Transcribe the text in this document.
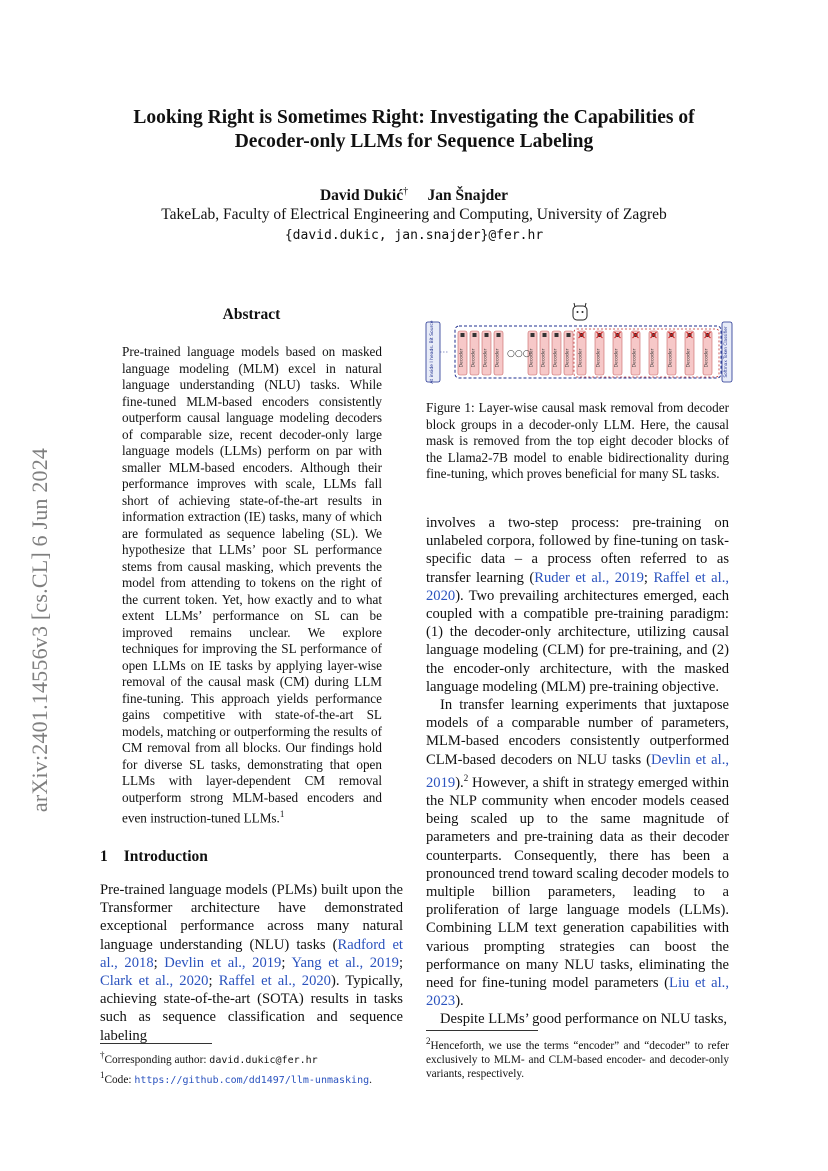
Looking Right is Sometimes Right: Investigating the Capabilities of
Decoder-only LLMs for Sequence Labeling
David Dukić† Jan Šnajder
TakeLab, Faculty of Electrical Engineering and Computing, University of Zagreb
{david.dukic, jan.snajder}@fer.hr
arXiv:2401.14556v3 [cs.CL] 6 Jun 2024
Abstract
Pre-trained language models based on masked language modeling (MLM) excel in natural language understanding (NLU) tasks. While fine-tuned MLM-based encoders consistently outperform causal language modeling decoders of comparable size, recent decoder-only large language models (LLMs) perform on par with smaller MLM-based encoders. Although their performance improves with scale, LLMs fall short of achieving state-of-the-art results in information extraction (IE) tasks, many of which are formulated as sequence labeling (SL). We hypothesize that LLMs’ poor SL performance stems from causal masking, which prevents the model from attending to tokens on the right of the current token. Yet, how exactly and to what extent LLMs’ performance on SL can be improved remains unclear. We explore techniques for improving the SL performance of open LLMs on IE tasks by applying layer-wise removal of the causal mask (CM) during LLM fine-tuning. This approach yields performance gains competitive with state-of-the-art SL models, matching or outperforming the results of CM removal from all blocks. Our findings hold for diverse SL tasks, demonstrating that open LLMs with layer-dependent CM removal outperform strong MLM-based encoders and even instruction-tuned LLMs.$^1$
1 Introduction
Pre-trained language models (PLMs) built upon the Transformer architecture have demonstrated exceptional performance across many natural language understanding (NLU) tasks (Radford et al., 2018; Devlin et al., 2019; Yang et al., 2019; Clark et al., 2020; Raffel et al., 2020). Typically, achieving state-of-the-art (SOTA) results in tasks such as sequence classification and sequence labeling
†Corresponding author: david.dukic@fer.hr
$^1$Code: https://github.com/dd1497/llm-unmasking.
At inside I heads. Bit Source	Decoder Decoder Decoder Decoder	Decoder Decoder Decoder Decoder Decoder	Decoder	Decoder	Decoder	Decoder	Decoder	Decoder	Decoder
○○○	Softmax Token Classifier
Figure 1: Layer-wise causal mask removal from decoder block groups in a decoder-only LLM. Here, the causal mask is removed from the top eight decoder blocks of the Llama2-7B model to enable bidirectionality during fine-tuning, which proves beneficial for many SL tasks.

involves a two-step process: pre-training on unlabeled corpora, followed by fine-tuning on task-specific data – a process often referred to as transfer learning (Ruder et al., 2019; Raffel et al., 2020). Two prevailing architectures emerged, each coupled with a compatible pre-training paradigm: (1) the decoder-only architecture, utilizing causal language modeling (CLM) for pre-training, and (2) the encoder-only architecture, with the masked language modeling (MLM) pre-training objective.

In transfer learning experiments that juxtapose models of a comparable number of parameters, MLM-based encoders consistently outperformed CLM-based decoders on NLU tasks (Devlin et al., 2019).$^2$ However, a shift in strategy emerged within the NLP community when encoder models ceased being scaled up to the same magnitude of parameters and pre-training data as their decoder counterparts. Consequently, there has been a pronounced trend toward scaling decoder models to multiple billion parameters, leading to a proliferation of large language models (LLMs). Combining LLM text generation capabilities with various prompting strategies can boost the performance on many NLU tasks, eliminating the need for fine-tuning model parameters (Liu et al., 2023).

Despite LLMs’ good performance on NLU tasks,

$^2$Henceforth, we use the terms “encoder” and “decoder” to refer exclusively to MLM- and CLM-based encoder- and decoder-only variants, respectively.
